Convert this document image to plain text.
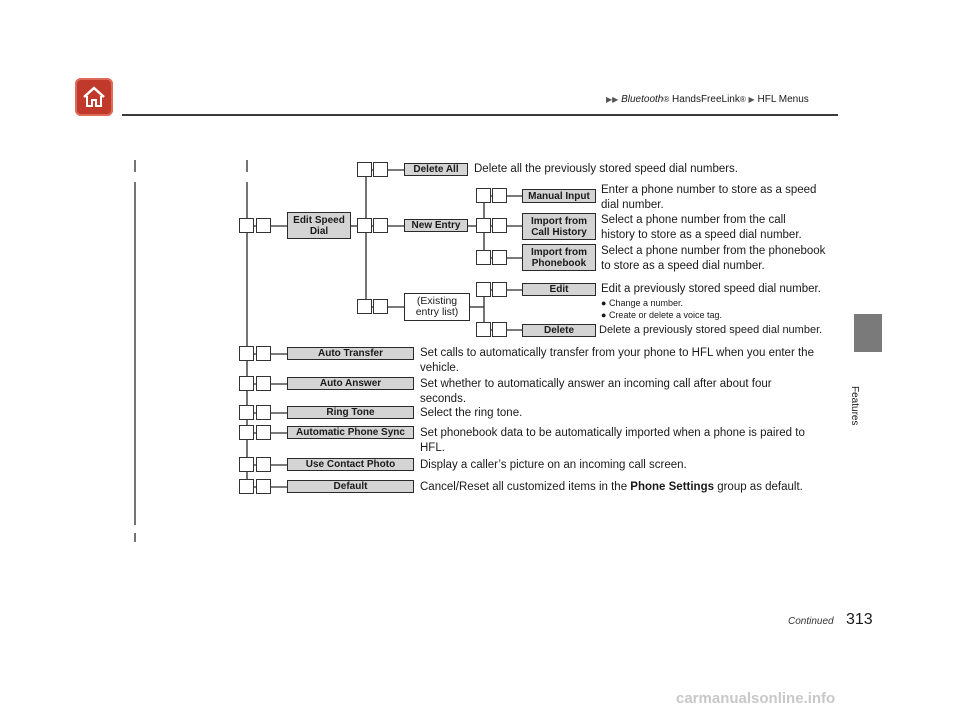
▶▶ Bluetooth® HandsFreeLink® ▶ HFL Menus
Features
Edit Speed Dial
Delete All
New Entry
Manual Input
Import from Call History
Import from Phonebook
(Existing entry list)
Edit
Delete
Auto Transfer
Auto Answer
Ring Tone
Automatic Phone Sync
Use Contact Photo
Default
Delete all the previously stored speed dial numbers.
Enter a phone number to store as a speed dial number.
Select a phone number from the call history to store as a speed dial number.
Select a phone number from the phonebook to store as a speed dial number.
Edit a previously stored speed dial number.
● Change a number.
● Create or delete a voice tag.
Delete a previously stored speed dial number.
Set calls to automatically transfer from your phone to HFL when you enter the vehicle.
Set whether to automatically answer an incoming call after about four seconds.
Select the ring tone.
Set phonebook data to be automatically imported when a phone is paired to HFL.
Display a caller’s picture on an incoming call screen.
Cancel/Reset all customized items in the Phone Settings group as default.
Continued 313
carmanualsonline.info
